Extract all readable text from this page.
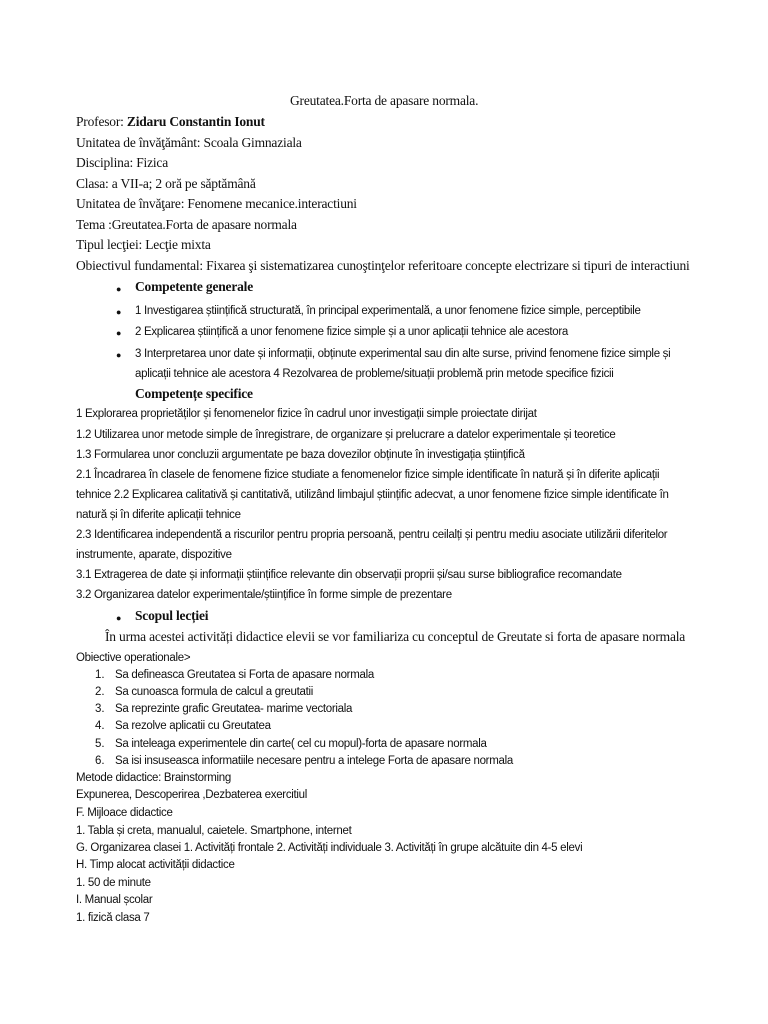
Greutatea.Forta de apasare normala.
Profesor: Zidaru Constantin Ionut
Unitatea de învăţământ: Scoala Gimnaziala
Disciplina: Fizica
Clasa: a VII-a; 2 oră pe săptămână
Unitatea de învăţare: Fenomene mecanice.interactiuni
Tema :Greutatea.Forta de apasare normala
Tipul lecţiei: Lecţie mixta
Obiectivul fundamental: Fixarea şi sistematizarea cunoştinţelor referitoare concepte electrizare si tipuri de interactiuni
● Competente generale
● 1 Investigarea științifică structurată, în principal experimentală, a unor fenomene fizice simple, perceptibile
● 2 Explicarea științifică a unor fenomene fizice simple și a unor aplicații tehnice ale acestora
● 3 Interpretarea unor date și informații, obținute experimental sau din alte surse, privind fenomene fizice simple și
aplicații tehnice ale acestora 4 Rezolvarea de probleme/situații problemă prin metode specifice fizicii
Competențe specifice
1 Explorarea proprietăților și fenomenelor fizice în cadrul unor investigații simple proiectate dirijat
1.2 Utilizarea unor metode simple de înregistrare, de organizare și prelucrare a datelor experimentale și teoretice
1.3 Formularea unor concluzii argumentate pe baza dovezilor obținute în investigația științifică
2.1 Încadrarea în clasele de fenomene fizice studiate a fenomenelor fizice simple identificate în natură și în diferite aplicații
tehnice 2.2 Explicarea calitativă și cantitativă, utilizând limbajul științific adecvat, a unor fenomene fizice simple identificate în
natură și în diferite aplicații tehnice
2.3 Identificarea independentă a riscurilor pentru propria persoană, pentru ceilalți și pentru mediu asociate utilizării diferitelor
instrumente, aparate, dispozitive
3.1 Extragerea de date și informații științifice relevante din observații proprii și/sau surse bibliografice recomandate
3.2 Organizarea datelor experimentale/științifice în forme simple de prezentare
● Scopul lecției
În urma acestei activități didactice elevii se vor familiariza cu conceptul de Greutate si forta de apasare normala
Obiective operationale>
1. Sa defineasca Greutatea si Forta de apasare normala
2. Sa cunoasca formula de calcul a greutatii
3. Sa reprezinte grafic Greutatea- marime vectoriala
4. Sa rezolve aplicatii cu Greutatea
5. Sa inteleaga experimentele din carte( cel cu mopul)-forta de apasare normala
6. Sa isi insuseasca informatiile necesare pentru a intelege Forta de apasare normala
Metode didactice: Brainstorming
Expunerea, Descoperirea ,Dezbaterea exercitiul
F. Mijloace didactice
1. Tabla și creta, manualul, caietele. Smartphone, internet
G. Organizarea clasei 1. Activități frontale 2. Activități individuale 3. Activități în grupe alcătuite din 4-5 elevi
H. Timp alocat activității didactice
1. 50 de minute
I. Manual școlar
1. fizică clasa 7
